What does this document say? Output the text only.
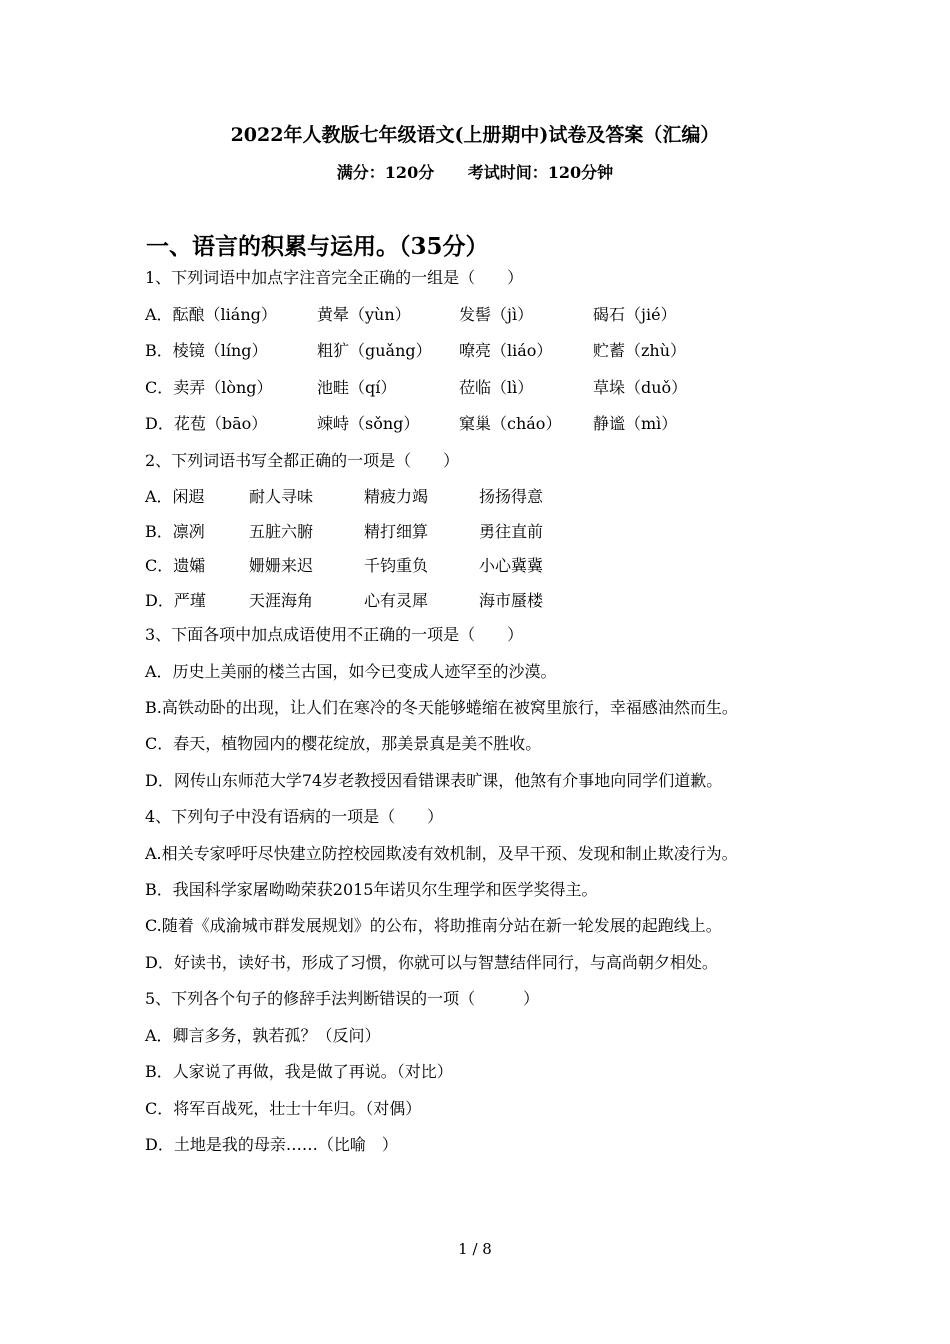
2022年人教版七年级语文(上册期中)试卷及答案（汇编）
满分：120分 考试时间：120分钟
一、语言的积累与运用。（35分）
1、下列词语中加点字注音完全正确的一组是（　　）
A．酝酿（liáng）	黄晕（yùn）	发髻（jì）	碣石（jié）
B．棱镜（líng）	粗犷（guǎng） 嘹亮（liáo）	贮蓄（zhù）
C．卖弄（lòng）	池畦（qí）	莅临（lì）	草垛（duǒ）
D．花苞（bāo）	竦峙（sǒng） 窠巢（cháo） 静谧（mì）
2、下列词语书写全都正确的一项是（　　）
A．闲遐	耐人寻味	精疲力竭	扬扬得意
B．凛冽	五脏六腑	精打细算	勇往直前
C．遗孀	姗姗来迟	千钧重负	小心冀冀
D．严瑾	天涯海角	心有灵犀	海市蜃楼
3、下面各项中加点成语使用不正确的一项是（　　）
A．历史上美丽的楼兰古国，如今已变成人迹罕至的沙漠。
B.高铁动卧的出现，让人们在寒冷的冬天能够蜷缩在被窝里旅行，幸福感油然而生。
C．春天，植物园内的樱花绽放，那美景真是美不胜收。
D．网传山东师范大学74岁老教授因看错课表旷课，他煞有介事地向同学们道歉。
4、下列句子中没有语病的一项是（　　）
A.相关专家呼吁尽快建立防控校园欺凌有效机制，及早干预、发现和制止欺凌行为。
B．我国科学家屠呦呦荣获2015年诺贝尔生理学和医学奖得主。
C.随着《成渝城市群发展规划》的公布，将助推南分站在新一轮发展的起跑线上。
D．好读书，读好书，形成了习惯，你就可以与智慧结伴同行，与高尚朝夕相处。
5、下列各个句子的修辞手法判断错误的一项（　　　）
A．卿言多务，孰若孤？（反问）
B．人家说了再做，我是做了再说。（对比）
C．将军百战死，壮士十年归。（对偶）
D．土地是我的母亲……（比喻　）
1 / 8
